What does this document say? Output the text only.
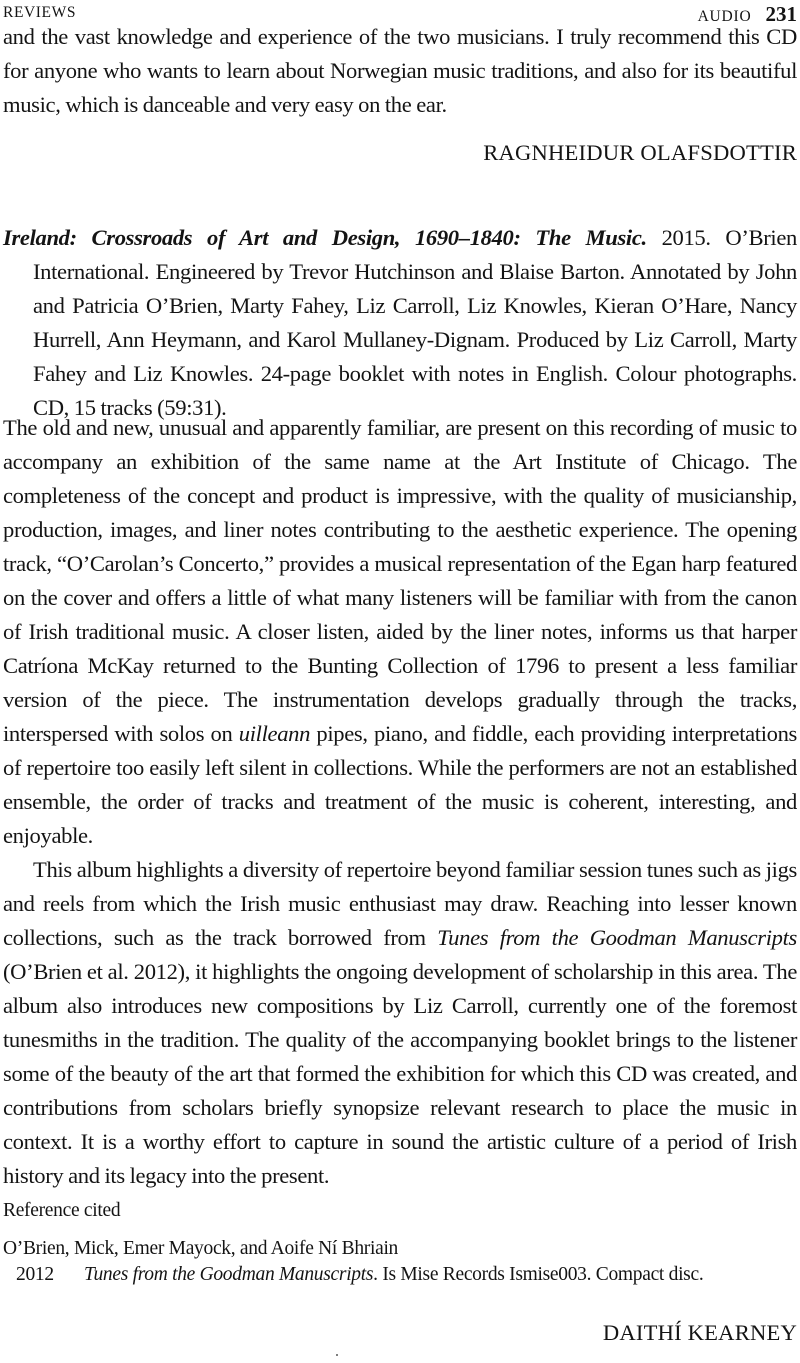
REVIEWS	AUDIO 231

and the vast knowledge and experience of the two musicians. I truly recommend this CD for anyone who wants to learn about Norwegian music traditions, and also for its beautiful music, which is danceable and very easy on the ear.

RAGNHEIDUR OLAFSDOTTIR

Ireland: Crossroads of Art and Design, 1690–1840: The Music. 2015. O’Brien International. Engineered by Trevor Hutchinson and Blaise Barton. Annotated by John and Patricia O’Brien, Marty Fahey, Liz Carroll, Liz Knowles, Kieran O’Hare, Nancy Hurrell, Ann Heymann, and Karol Mullaney-Dignam. Produced by Liz Carroll, Marty Fahey and Liz Knowles. 24-page booklet with notes in English. Colour photographs. CD, 15 tracks (59:31).

The old and new, unusual and apparently familiar, are present on this recording of music to accompany an exhibition of the same name at the Art Institute of Chicago. The completeness of the concept and product is impressive, with the quality of musicianship, production, images, and liner notes contributing to the aesthetic experience. The opening track, “O’Carolan’s Concerto,” provides a musical representation of the Egan harp featured on the cover and offers a little of what many listeners will be familiar with from the canon of Irish traditional music. A closer listen, aided by the liner notes, informs us that harper Catríona McKay returned to the Bunting Collection of 1796 to present a less familiar version of the piece. The instrumentation develops gradually through the tracks, interspersed with solos on uilleann pipes, piano, and fiddle, each providing interpretations of repertoire too easily left silent in collections. While the performers are not an established ensemble, the order of tracks and treatment of the music is coherent, interesting, and enjoyable.

This album highlights a diversity of repertoire beyond familiar session tunes such as jigs and reels from which the Irish music enthusiast may draw. Reaching into lesser known collections, such as the track borrowed from Tunes from the Goodman Manuscripts (O’Brien et al. 2012), it highlights the ongoing development of scholarship in this area. The album also introduces new compositions by Liz Carroll, currently one of the foremost tunesmiths in the tradition. The quality of the accompanying booklet brings to the listener some of the beauty of the art that formed the exhibition for which this CD was created, and contributions from scholars briefly synopsize relevant research to place the music in context. It is a worthy effort to capture in sound the artistic culture of a period of Irish history and its legacy into the present.

Reference cited
O’Brien, Mick, Emer Mayock, and Aoife Ní Bhriain
2012 Tunes from the Goodman Manuscripts. Is Mise Records Ismise003. Compact disc.
DAITHÍ KEARNEY
